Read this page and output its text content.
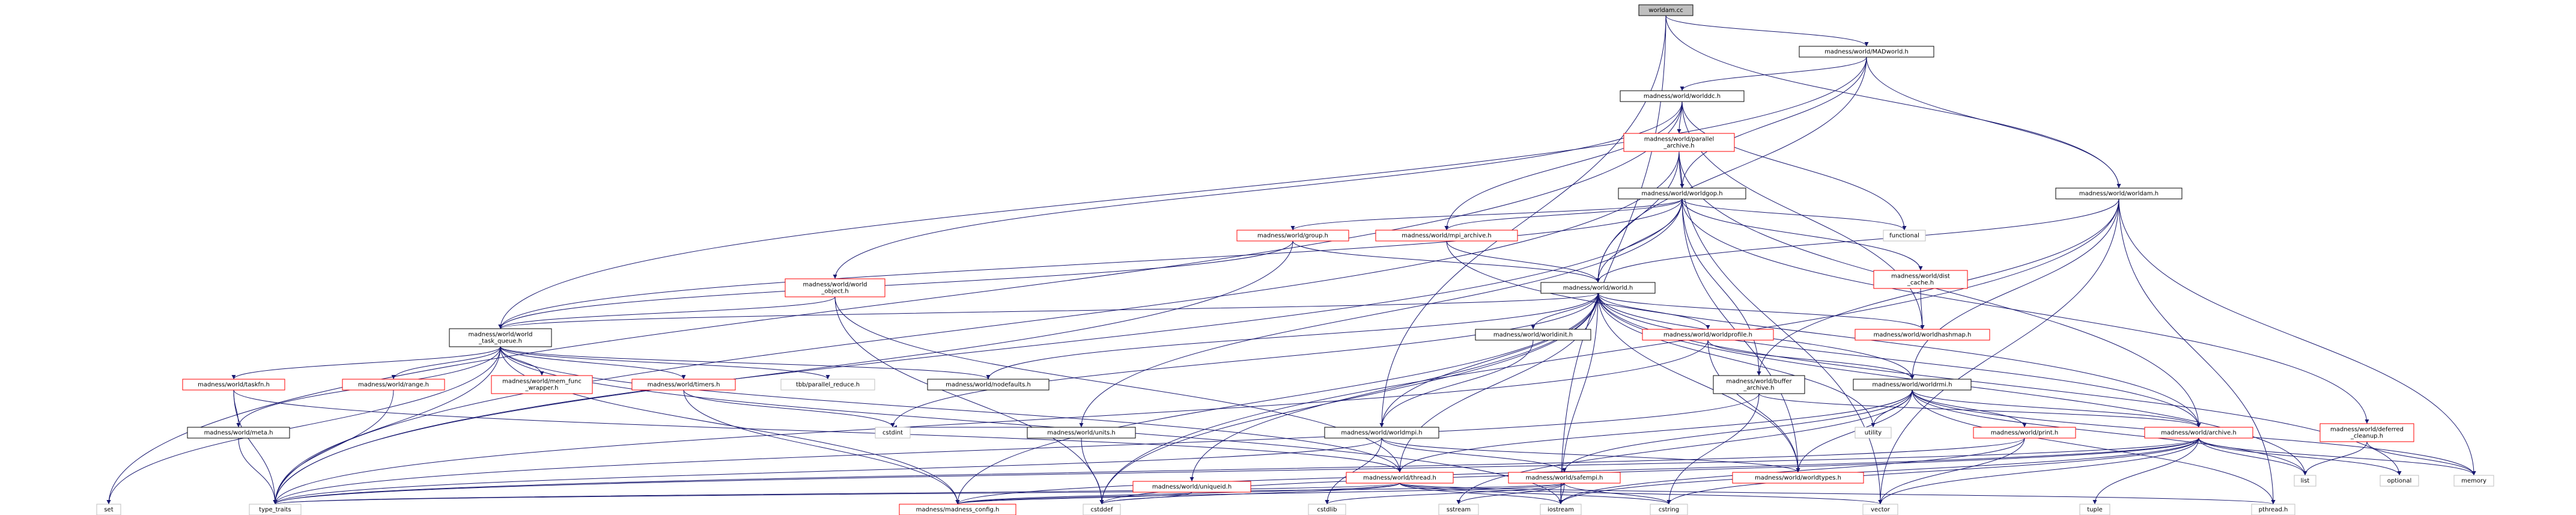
worldam.cc
madness/world/MADworld.h
madness/world/worlddc.h
madness/world/parallel
_archive.h
madness/world/worldgop.h	madness/world/worldam.h
madness/world/group.h	madness/world/mpi_archive.h	functional
madness/world/dist
_cache.h
madness/world/world
_object.h	madness/world/world.h
madness/world/worldhashmap.h
madness/world/world
_task_queue.h
madness/world/worldinit.h	madness/world/worldprofile.h
madness/world/buffer
_archive.h	madness/world/worldrmi.h
madness/world/taskfn.h	madness/world/range.h	madness/world/mem_func
_wrapper.h	madness/world/timers.h	tbb/parallel_reduce.h	madness/world/nodefaults.h
madness/world/units.h	madness/world/worldmpi.h	madness/world/deferred
_cleanup.h
madness/world/meta.h	cstdint
madness/world/uniqueid.h
madness/world/thread.h	madness/world/safempi.h	madness/world/worldtypes.h
utility	madness/world/print.h	madness/world/archive.h
set	type_traits	madness/madness_config.h	cstddef	cstdlib	sstream	iostream	cstring	vector	tuple	pthread.h
list	optional	memory
